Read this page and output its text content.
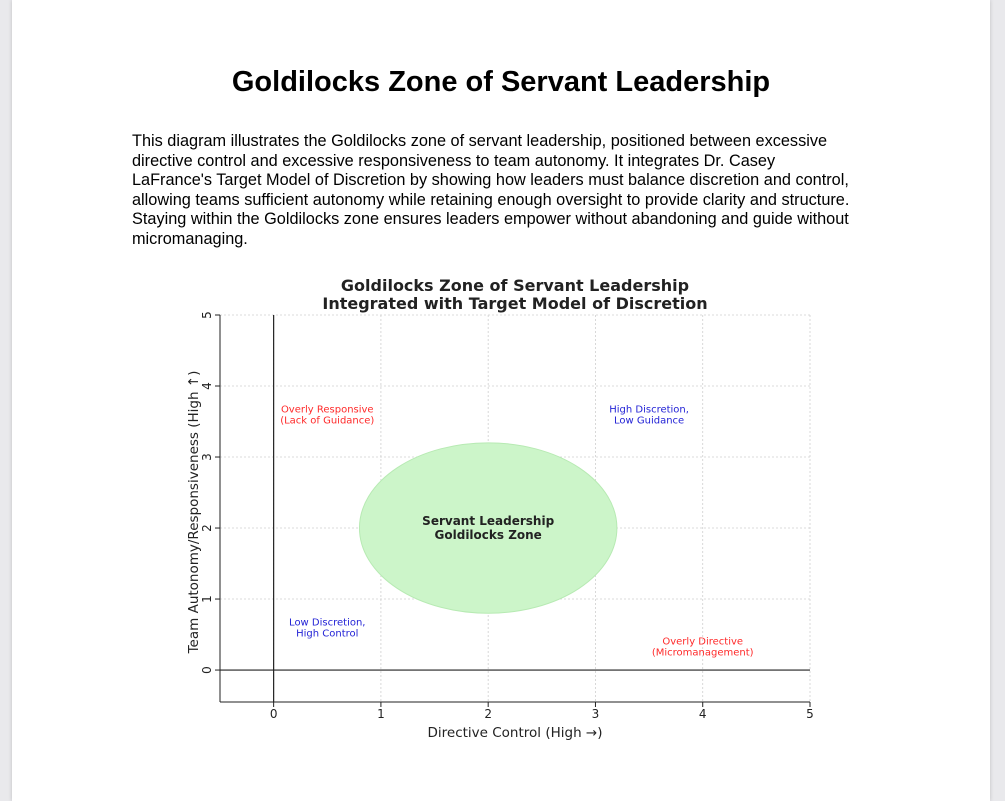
Goldilocks Zone of Servant Leadership
This diagram illustrates the Goldilocks zone of servant leadership, positioned between excessive directive control and excessive responsiveness to team autonomy. It integrates Dr. Casey LaFrance's Target Model of Discretion by showing how leaders must balance discretion and control, allowing teams sufficient autonomy while retaining enough oversight to provide clarity and structure. Staying within the Goldilocks zone ensures leaders empower without abandoning and guide without micromanaging.
Goldilocks Zone of Servant Leadership
Integrated with Target Model of Discretion
0	1	2	3	4	5
0
1
2
3
4
5
Servant Leadership
Goldilocks Zone
Overly Responsive
(Lack of Guidance)
High Discretion,
Low Guidance
Low Discretion,
High Control
Overly Directive
(Micromanagement)
Directive Control (High →)
Team Autonomy/Responsiveness (High ↑)
